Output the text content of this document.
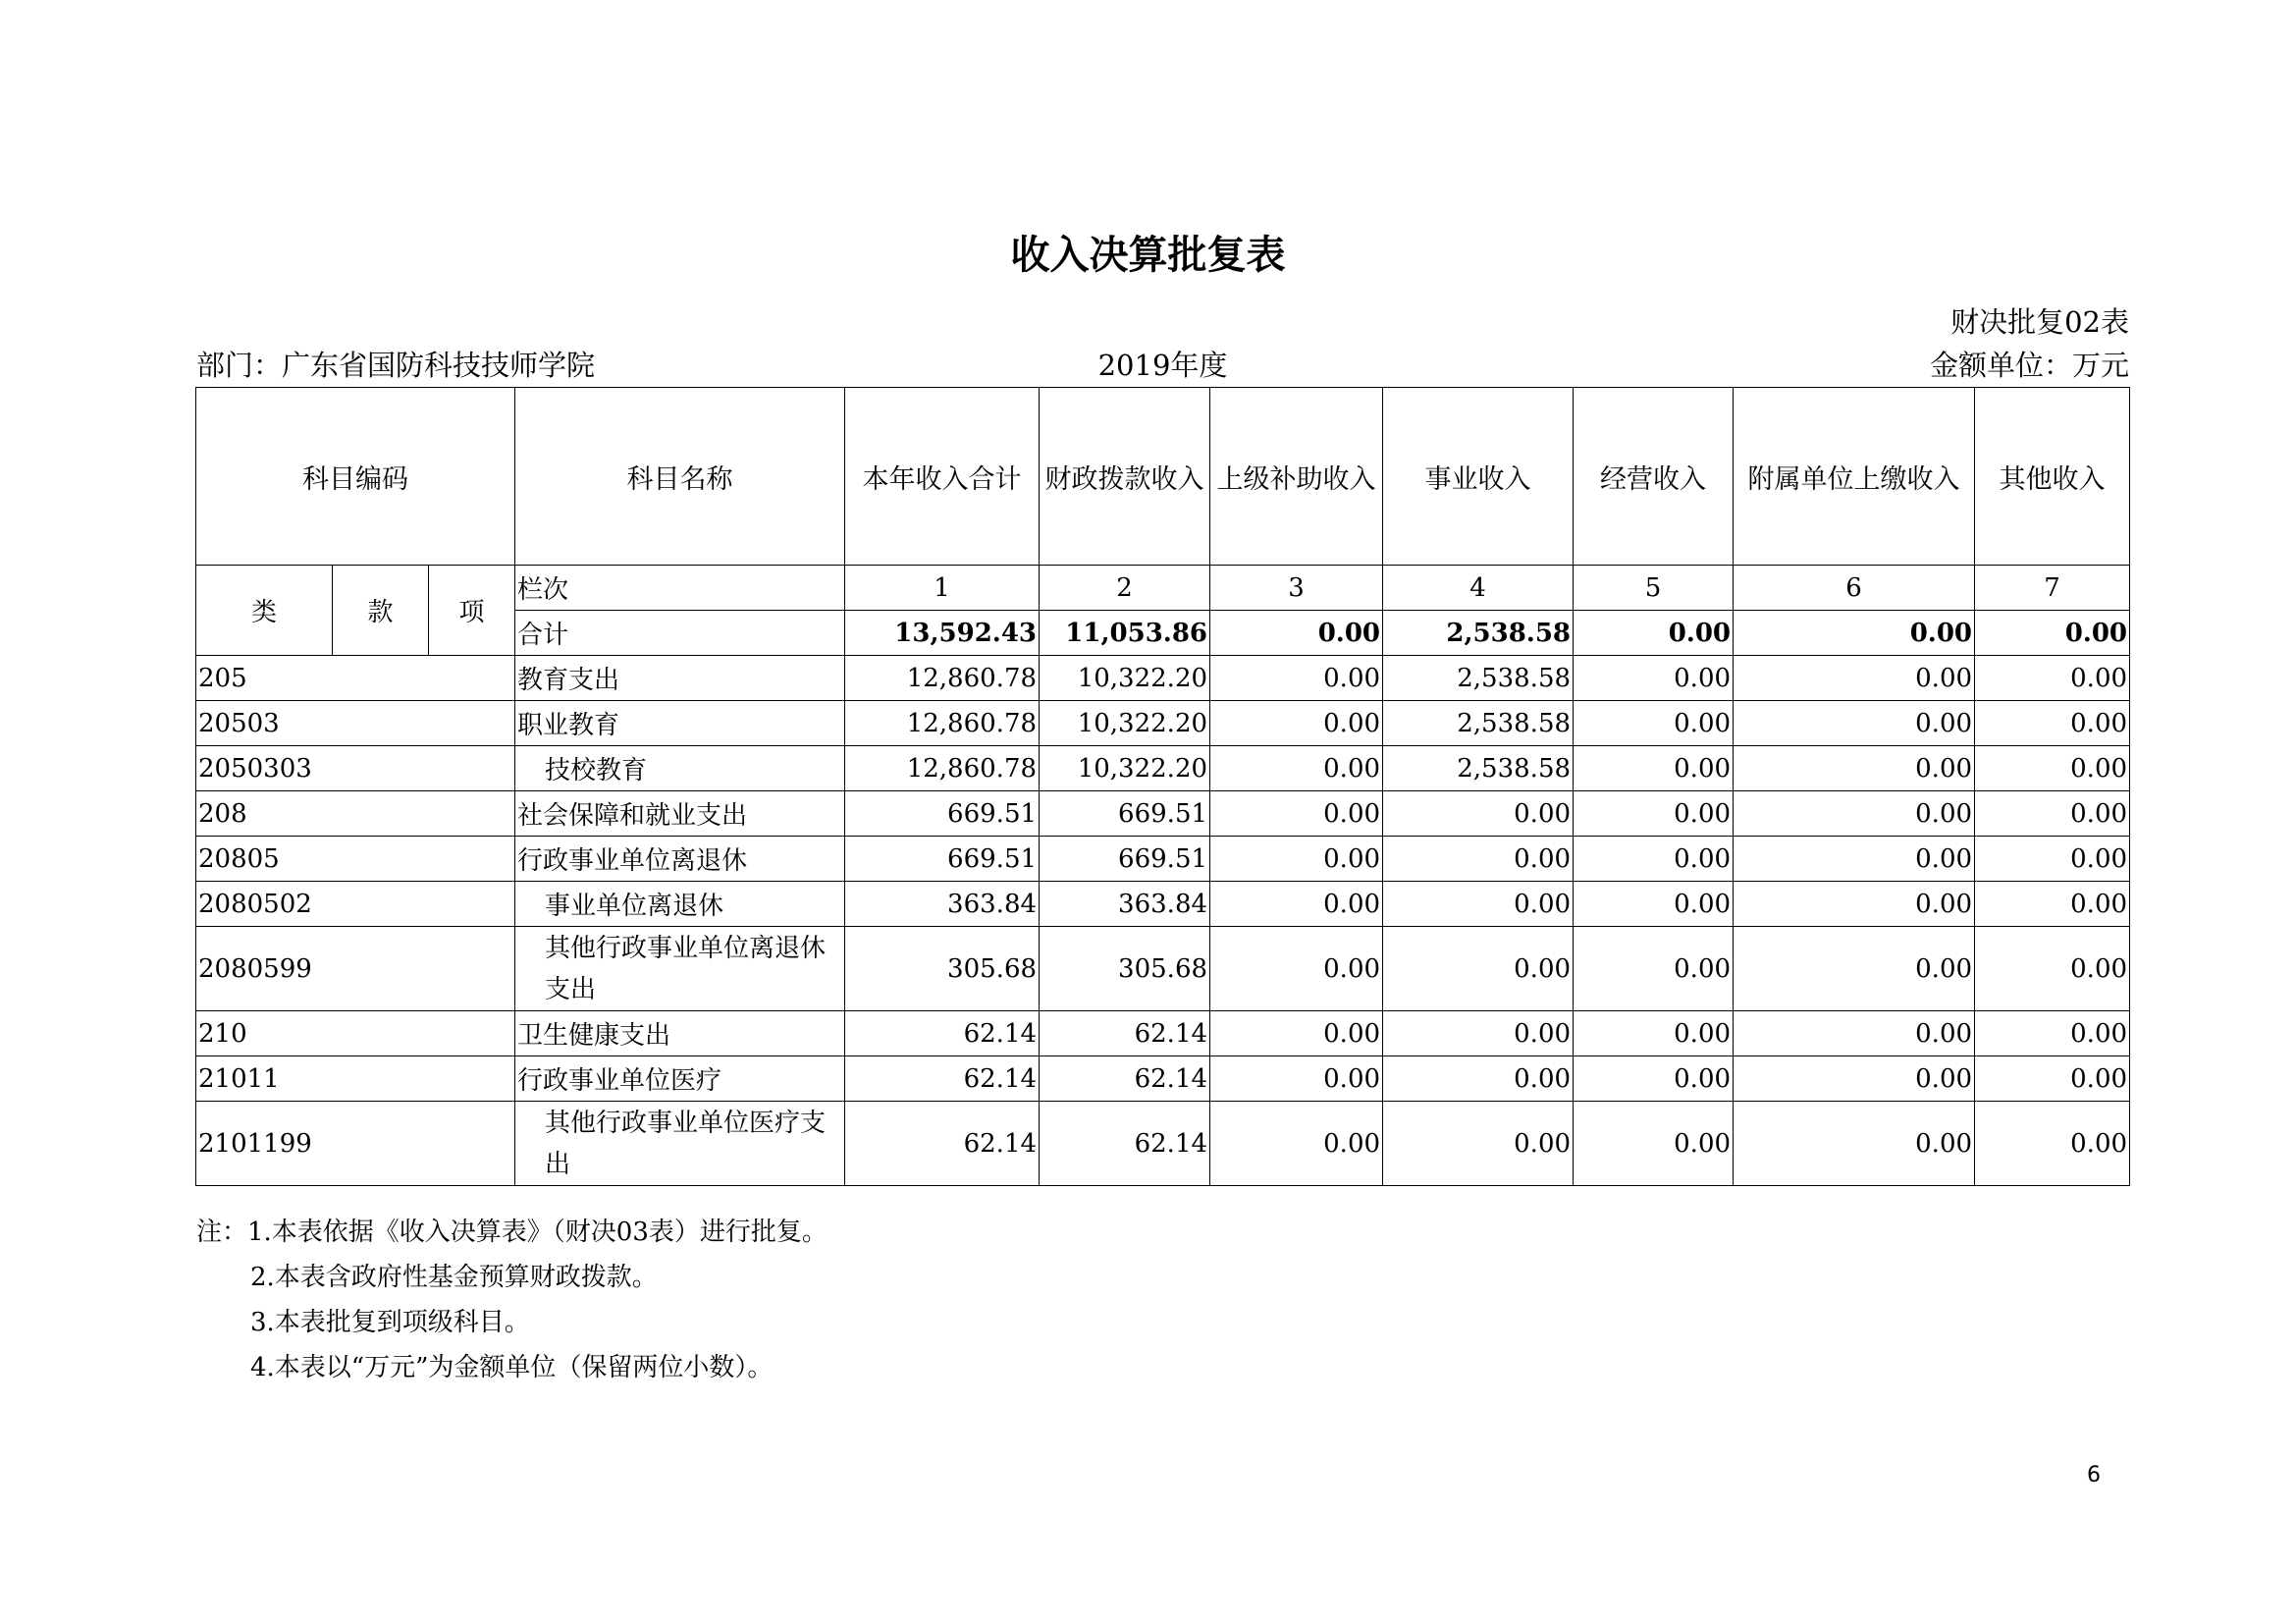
收入决算批复表
财决批复02表
部门：广东省国防科技技师学院	2019年度	金额单位：万元
科目编码			科目名称	本年收入合计	财政拨款收入	上级补助收入	事业收入	经营收入	附属单位上缴收入	其他收入
类	款	项	栏次	1	2	3	4	5	6	7
			合计	13,592.43	11,053.86	0.00	2,538.58	0.00	0.00	0.00
205			教育支出	12,860.78	10,322.20	0.00	2,538.58	0.00	0.00	0.00
20503			职业教育	12,860.78	10,322.20	0.00	2,538.58	0.00	0.00	0.00
2050303			技校教育	12,860.78	10,322.20	0.00	2,538.58	0.00	0.00	0.00
208			社会保障和就业支出	669.51	669.51	0.00	0.00	0.00	0.00	0.00
20805			行政事业单位离退休	669.51	669.51	0.00	0.00	0.00	0.00	0.00
2080502			事业单位离退休	363.84	363.84	0.00	0.00	0.00	0.00	0.00
2080599			其他行政事业单位离退休支出	305.68	305.68	0.00	0.00	0.00	0.00	0.00
210			卫生健康支出	62.14	62.14	0.00	0.00	0.00	0.00	0.00
21011			行政事业单位医疗	62.14	62.14	0.00	0.00	0.00	0.00	0.00
2101199			其他行政事业单位医疗支出	62.14	62.14	0.00	0.00	0.00	0.00	0.00
注：1.本表依据《收入决算表》（财决03表）进行批复。
2.本表含政府性基金预算财政拨款。
3.本表批复到项级科目。
4.本表以“万元”为金额单位（保留两位小数）。
6
